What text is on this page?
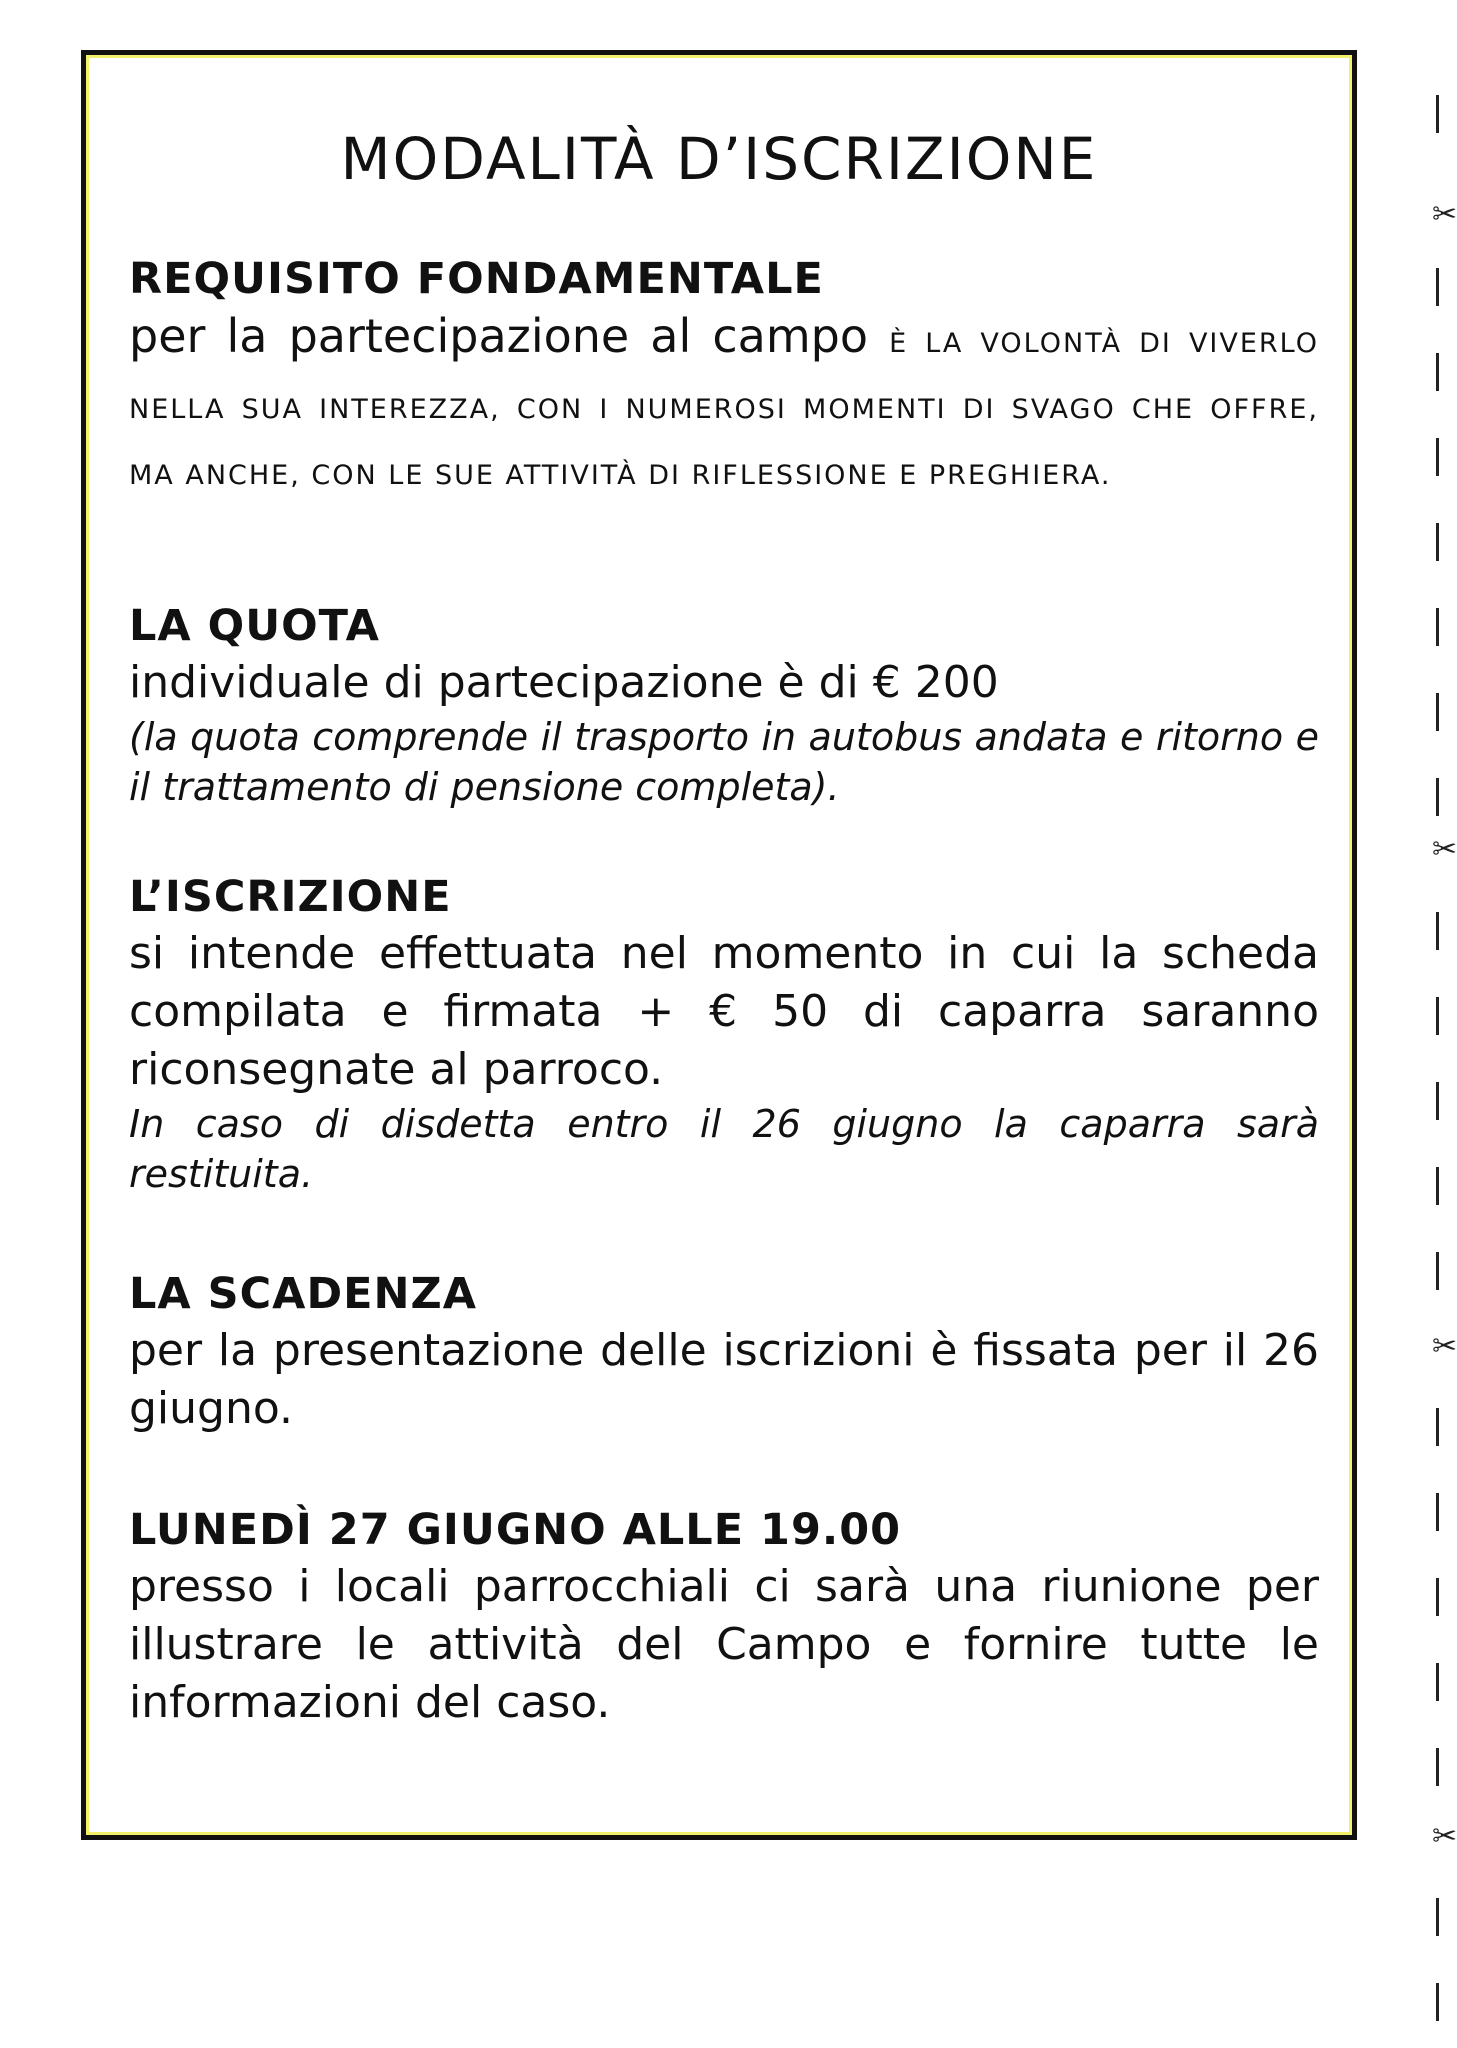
MODALITÀ D’ISCRIZIONE

REQUISITO FONDAMENTALE

per la partecipazione al campo È LA VOLONTÀ DI VIVERLO NELLA SUA INTEREZZA, CON I NUMEROSI MOMENTI DI SVAGO CHE OFFRE, MA ANCHE, CON LE SUE ATTIVITÀ DI RIFLESSIONE E PREGHIERA.

LA QUOTA

individuale di partecipazione è di € 200

(la quota comprende il trasporto in autobus andata e ritorno e il trattamento di pensione completa).

L’ISCRIZIONE

si intende effettuata nel momento in cui la scheda compilata e firmata + € 50 di caparra saranno riconsegnate al parroco.

In caso di disdetta entro il 26 giugno la caparra sarà restituita.

LA SCADENZA

per la presentazione delle iscrizioni è fissata per il 26 giugno.

LUNEDÌ 27 GIUGNO ALLE 19.00

presso i locali parrocchiali ci sarà una riunione per illustrare le attività del Campo e fornire tutte le informazioni del caso.

✂
✂
✂
✂
